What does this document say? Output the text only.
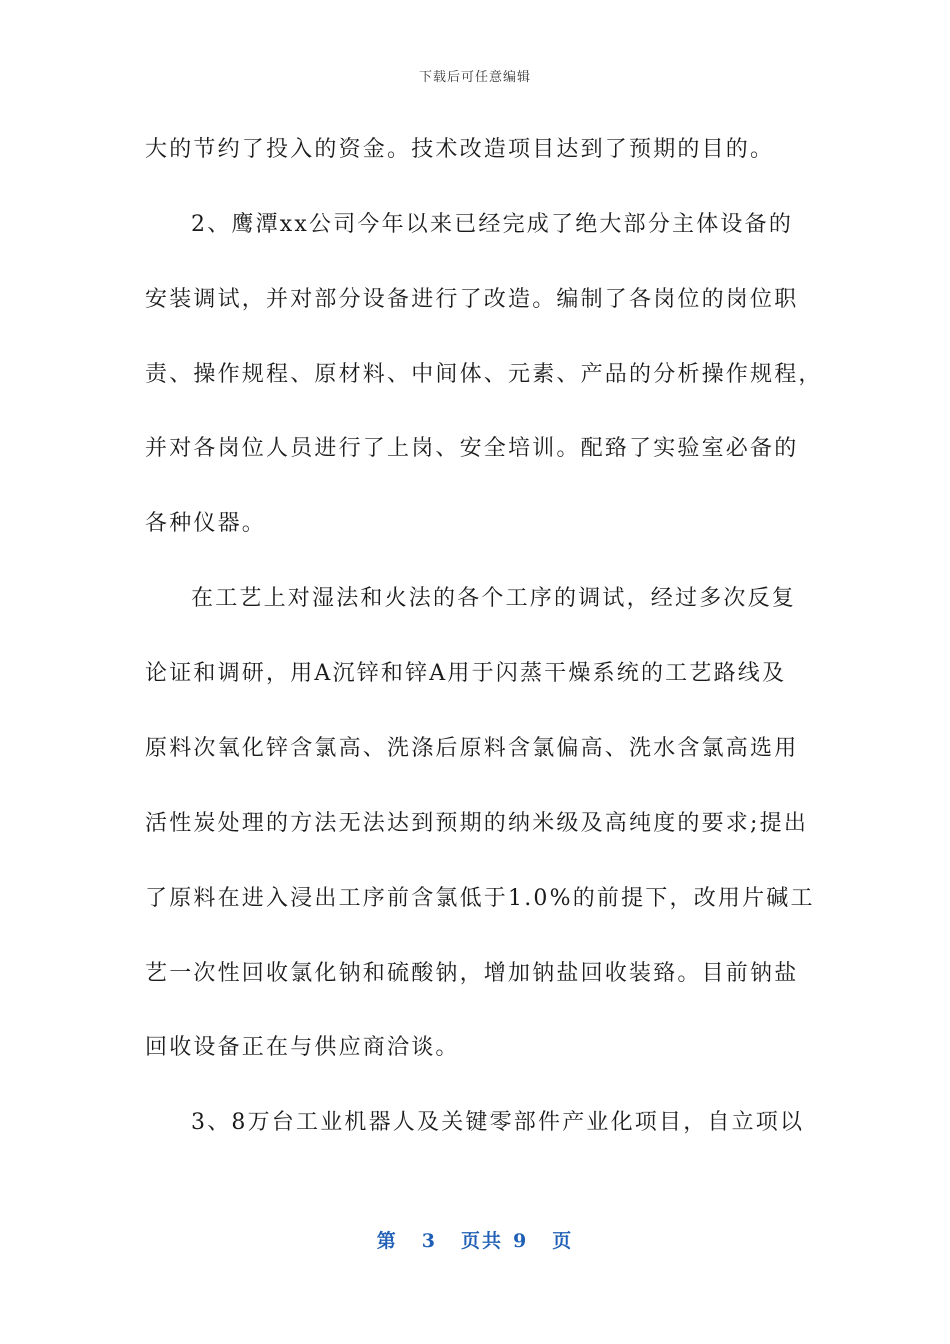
下载后可任意编辑
大的节约了投入的资金。技术改造项目达到了预期的目的。
2、鹰潭xx公司今年以来已经完成了绝大部分主体设备的
安装调试，并对部分设备进行了改造。编制了各岗位的岗位职
责、操作规程、原材料、中间体、元素、产品的分析操作规程，
并对各岗位人员进行了上岗、安全培训。配臵了实验室必备的
各种仪器。
在工艺上对湿法和火法的各个工序的调试，经过多次反复
论证和调研，用A沉锌和锌A用于闪蒸干燥系统的工艺路线及
原料次氧化锌含氯高、洗涤后原料含氯偏高、洗水含氯高选用
活性炭处理的方法无法达到预期的纳米级及高纯度的要求;提出
了原料在进入浸出工序前含氯低于1.0%的前提下，改用片碱工
艺一次性回收氯化钠和硫酸钠，增加钠盐回收装臵。目前钠盐
回收设备正在与供应商洽谈。
3、8万台工业机器人及关键零部件产业化项目，自立项以
第 3 页共 9 页
